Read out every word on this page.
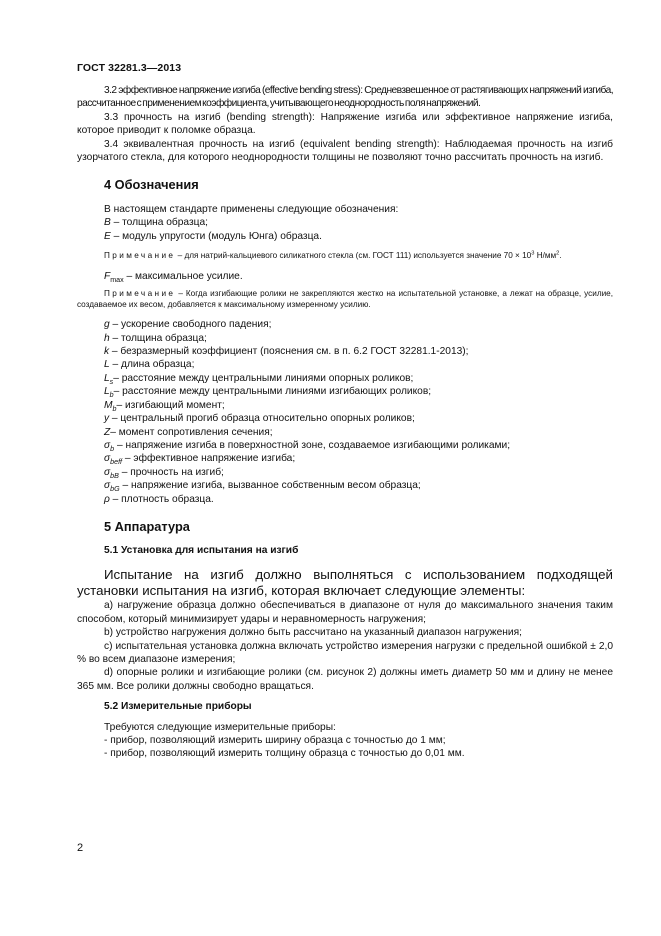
ГОСТ 32281.3—2013

3.2 эффективное напряжение изгиба (effective bending stress): Средневзвешенное от растягивающих напряжений изгиба, рассчитанное с применением коэффициента, учитывающего неоднородность поля напряжений.

3.3 прочность на изгиб (bending strength): Напряжение изгиба или эффективное напряжение изгиба, которое приводит к поломке образца.

3.4 эквивалентная прочность на изгиб (equivalent bending strength): Наблюдаемая прочность на изгиб узорчатого стекла, для которого неоднородности толщины не позволяют точно рассчитать прочность на изгиб.

4 Обозначения

В настоящем стандарте применены следующие обозначения:

B – толщина образца;

E – модуль упругости (модуль Юнга) образца.

Примечание – для натрий-кальциевого силикатного стекла (см. ГОСТ 111) используется значение $70 \times 10^3$ $Н/мм^2$.

$F_{max}$ – максимальное усилие.

Примечание – Когда изгибающие ролики не закрепляются жестко на испытательной установке, а лежат на образце, усилие, создаваемое их весом, добавляется к максимальному измеренному усилию.

g – ускорение свободного падения;

h – толщина образца;

k – безразмерный коэффициент (пояснения см. в п. 6.2 ГОСТ 32281.1-2013);

L – длина образца;

$L_s-$ расстояние между центральными линиями опорных роликов;

$L_b-$ расстояние между центральными линиями изгибающих роликов;

$M_b-$ изгибающий момент;

y – центральный прогиб образца относительно опорных роликов;

Z– момент сопротивления сечения;

$\sigma_b$ – напряжение изгиба в поверхностной зоне, создаваемое изгибающими роликами;

$\sigma_{beff}$ – эффективное напряжение изгиба;

$\sigma_{bB}$ – прочность на изгиб;

$\sigma_{bG}$ – напряжение изгиба, вызванное собственным весом образца;

ρ – плотность образца.

5 Аппаратура
5.1 Установка для испытания на изгиб

Испытание на изгиб должно выполняться с использованием подходящей установки испытания на изгиб, которая включает следующие элементы:

а) нагружение образца должно обеспечиваться в диапазоне от нуля до максимального значения таким способом, который минимизирует удары и неравномерность нагружения;

b) устройство нагружения должно быть рассчитано на указанный диапазон нагружения;

с) испытательная установка должна включать устройство измерения нагрузки с предельной ошибкой ± 2,0 % во всем диапазоне измерения;

d) опорные ролики и изгибающие ролики (см. рисунок 2) должны иметь диаметр 50 мм и длину не менее 365 мм. Все ролики должны свободно вращаться.

5.2 Измерительные приборы

Требуются следующие измерительные приборы:

- прибор, позволяющий измерить ширину образца с точностью до 1 мм;

- прибор, позволяющий измерить толщину образца с точностью до 0,01 мм.

2
